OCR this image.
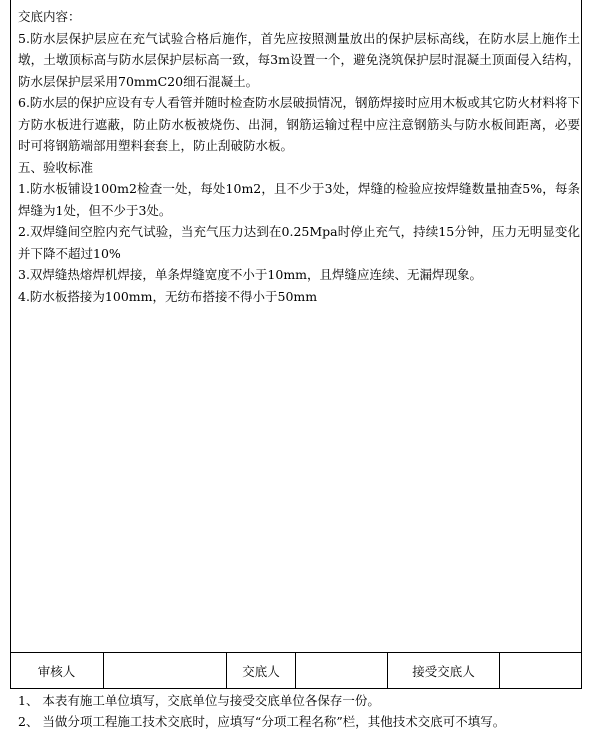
交底内容：

5.防水层保护层应在充气试验合格后施作，首先应按照测量放出的保护层标高线，在防水层上施作土墩，土墩顶标高与防水层保护层标高一致，每3m设置一个，避免浇筑保护层时混凝土顶面侵入结构，防水层保护层采用70mmC20细石混凝土。

6.防水层的保护应设有专人看管并随时检查防水层破损情况，钢筋焊接时应用木板或其它防火材料将下方防水板进行遮蔽，防止防水板被烧伤、出洞，钢筋运输过程中应注意钢筋头与防水板间距离，必要时可将钢筋端部用塑料套套上，防止刮破防水板。

五、验收标准

1.防水板铺设100m2检查一处，每处10m2，且不少于3处，焊缝的检验应按焊缝数量抽查5%，每条焊缝为1处，但不少于3处。

2.双焊缝间空腔内充气试验，当充气压力达到在0.25Mpa时停止充气，持续15分钟，压力无明显变化并下降不超过10%

3.双焊缝热熔焊机焊接，单条焊缝宽度不小于10mm，且焊缝应连续、无漏焊现象。

4.防水板搭接为100mm，无纺布搭接不得小于50mm

审核人	交底人	接受交底人

1、 本表有施工单位填写，交底单位与接受交底单位各保存一份。

2、 当做分项工程施工技术交底时，应填写“分项工程名称”栏，其他技术交底可不填写。
